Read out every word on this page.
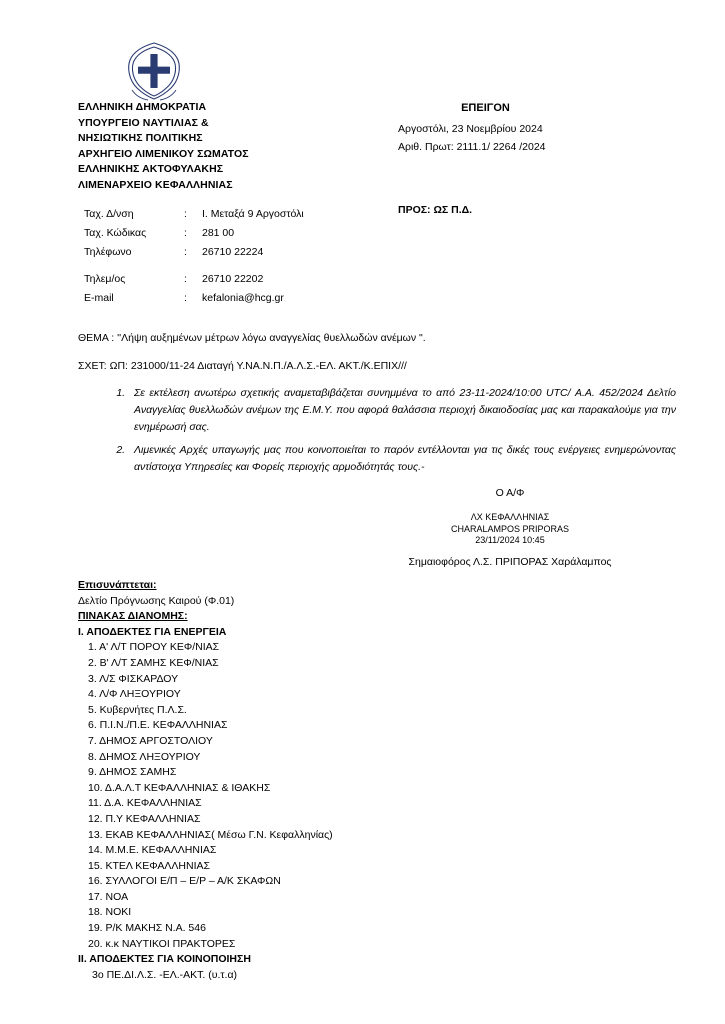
ΕΛΛΗΝΙΚΗ ΔΗΜΟΚΡΑΤΙΑ
ΥΠΟΥΡΓΕΙΟ ΝΑΥΤΙΛΙΑΣ &
ΝΗΣΙΩΤΙΚΗΣ ΠΟΛΙΤΙΚΗΣ
ΑΡΧΗΓΕΙΟ ΛΙΜΕΝΙΚΟΥ ΣΩΜΑΤΟΣ
ΕΛΛΗΝΙΚΗΣ ΑΚΤΟΦΥΛΑΚΗΣ
ΛΙΜΕΝΑΡΧΕΙΟ ΚΕΦΑΛΛΗΝΙΑΣ
ΕΠΕΙΓΟΝ
Αργοστόλι, 23 Νοεμβρίου 2024
Αριθ. Πρωτ: 2111.1/ 2264 /2024
ΠΡΟΣ: ΩΣ Π.Δ.
Ταχ. Δ/νση	:	Ι. Μεταξά 9 Αργοστόλι
Ταχ. Κώδικας	:	281 00
Τηλέφωνο	:	26710 22224

Τηλεμ/ος	:	26710 22202
E-mail	:	kefalonia@hcg.gr
ΘΕΜΑ : ''Λήψη αυξημένων μέτρων λόγω αναγγελίας θυελλωδών ανέμων ".
ΣΧΕΤ: ΩΠ: 231000/11-24 Διαταγή Υ.ΝΑ.Ν.Π./Α.Λ.Σ.-ΕΛ. ΑΚΤ./Κ.ΕΠΙΧ///
1. Σε εκτέλεση ανωτέρω σχετικής αναμεταβιβάζεται συνημμένα το από 23-11-2024/10:00 UTC/ Α.Α. 452/2024 Δελτίο Αναγγελίας θυελλωδών ανέμων της Ε.Μ.Υ. που αφορά θαλάσσια περιοχή δικαιοδοσίας μας και παρακαλούμε για την ενημέρωσή σας.
2. Λιμενικές Αρχές υπαγωγής μας που κοινοποιείται το παρόν εντέλλονται για τις δικές τους ενέργειες ενημερώνοντας αντίστοιχα Υπηρεσίες και Φορείς περιοχής αρμοδιότητάς τους.-
Ο Α/Φ
ΛΧ ΚΕΦΑΛΛΗΝΙΑΣ
CHARALAMPOS PRIPORAS
23/11/2024 10:45
Σημαιοφόρος Λ.Σ. ΠΡΙΠΟΡΑΣ Χαράλαμπος
Επισυνάπτεται:
Δελτίο Πρόγνωσης Καιρού (Φ.01)
ΠΙΝΑΚΑΣ ΔΙΑΝΟΜΗΣ:
Ι. ΑΠΟΔΕΚΤΕΣ ΓΙΑ ΕΝΕΡΓΕΙΑ
1. Α' Λ/Τ ΠΟΡΟΥ ΚΕΦ/ΝΙΑΣ
2. Β' Λ/Τ ΣΑΜΗΣ ΚΕΦ/ΝΙΑΣ
3. Λ/Σ ΦΙΣΚΑΡΔΟΥ
4. Λ/Φ ΛΗΞΟΥΡΙΟΥ
5. Κυβερνήτες Π.Λ.Σ.
6. Π.Ι.Ν./Π.Ε. ΚΕΦΑΛΛΗΝΙΑΣ
7. ΔΗΜΟΣ ΑΡΓΟΣΤΟΛΙΟΥ
8. ΔΗΜΟΣ ΛΗΞΟΥΡΙΟΥ
9. ΔΗΜΟΣ ΣΑΜΗΣ
10. Δ.Α.Λ.Τ ΚΕΦΑΛΛΗΝΙΑΣ & ΙΘΑΚΗΣ
11. Δ.Α. ΚΕΦΑΛΛΗΝΙΑΣ
12. Π.Υ ΚΕΦΑΛΛΗΝΙΑΣ
13. ΕΚΑΒ ΚΕΦΑΛΛΗΝΙΑΣ( Μέσω Γ.Ν. Κεφαλληνίας)
14. Μ.Μ.Ε. ΚΕΦΑΛΛΗΝΙΑΣ
15. ΚΤΕΛ ΚΕΦΑΛΛΗΝΙΑΣ
16. ΣΥΛΛΟΓΟΙ Ε/Π – Ε/Ρ – Α/Κ ΣΚΑΦΩΝ
17. ΝΟΑ
18. ΝΟΚΙ
19. Ρ/Κ ΜΑΚΗΣ Ν.Α. 546
20. κ.κ ΝΑΥΤΙΚΟΙ ΠΡΑΚΤΟΡΕΣ
ΙΙ. ΑΠΟΔΕΚΤΕΣ ΓΙΑ ΚΟΙΝΟΠΟΙΗΣΗ
3ο ΠΕ.ΔΙ.Λ.Σ. -ΕΛ.-ΑΚΤ. (υ.τ.α)
